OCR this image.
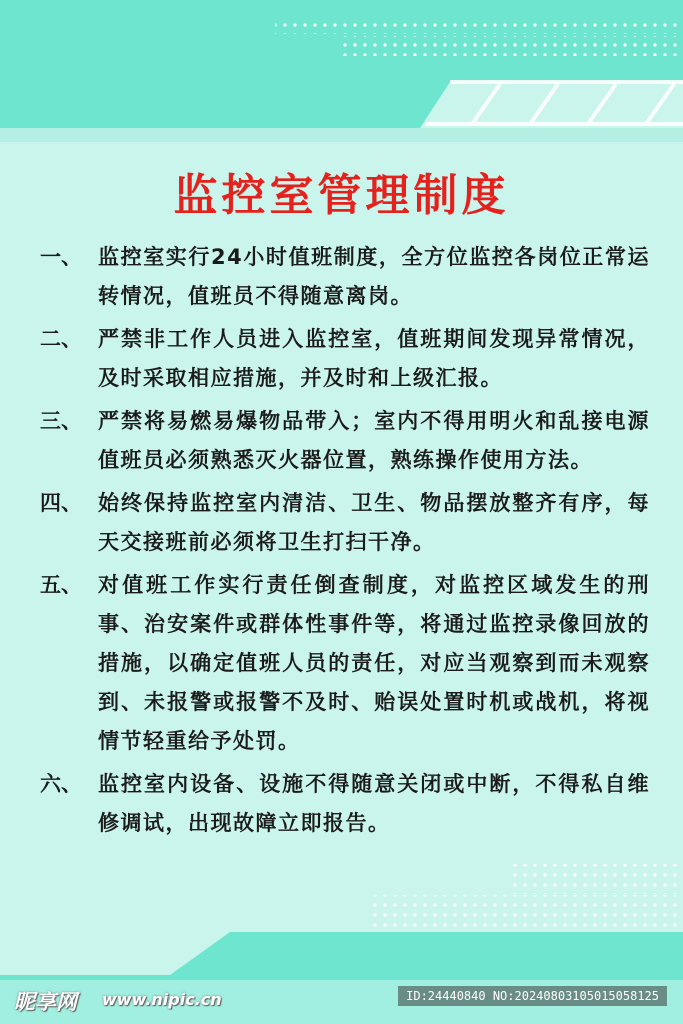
监控室管理制度
一、 监控室实行24小时值班制度，全方位监控各岗位正常运转情况，值班员不得随意离岗。
二、 严禁非工作人员进入监控室，值班期间发现异常情况，及时采取相应措施，并及时和上级汇报。
三、 严禁将易燃易爆物品带入；室内不得用明火和乱接电源值班员必须熟悉灭火器位置，熟练操作使用方法。
四、 始终保持监控室内清洁、卫生、物品摆放整齐有序，每天交接班前必须将卫生打扫干净。
五、 对值班工作实行责任倒查制度，对监控区域发生的刑事、治安案件或群体性事件等，将通过监控录像回放的措施，以确定值班人员的责任，对应当观察到而未观察到、未报警或报警不及时、贻误处置时机或战机，将视情节轻重给予处罚。
六、 监控室内设备、设施不得随意关闭或中断，不得私自维修调试，出现故障立即报告。
昵享网 www.nipic.cn	ID:24440840 NO:20240803105015058125
